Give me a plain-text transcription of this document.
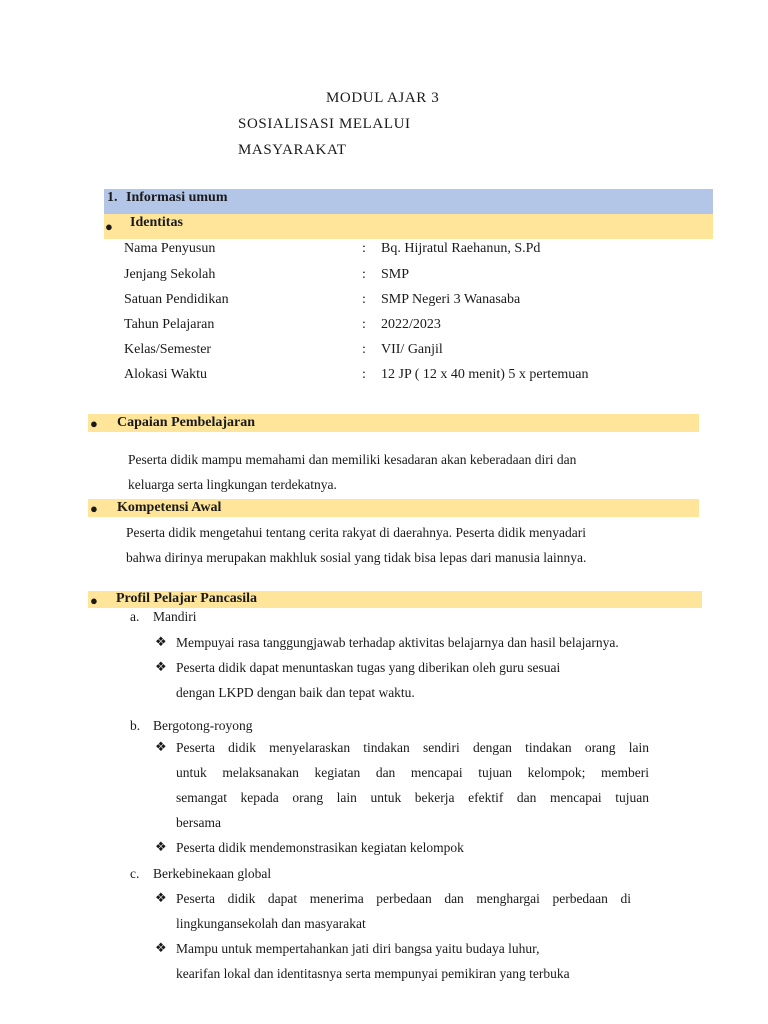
MODUL AJAR 3
SOSIALISASI MELALUI
MASYARAKAT
1. Informasi umum
● Identitas
Nama Penyusun	: Bq. Hijratul Raehanun, S.Pd
Jenjang Sekolah	: SMP
Satuan Pendidikan	: SMP Negeri 3 Wanasaba
Tahun Pelajaran	: 2022/2023
Kelas/Semester	: VII/ Ganjil
Alokasi Waktu	: 12 JP ( 12 x 40 menit) 5 x pertemuan
● Capaian Pembelajaran
Peserta didik mampu memahami dan memiliki kesadaran akan keberadaan diri dan
keluarga serta lingkungan terdekatnya.
● Kompetensi Awal
Peserta didik mengetahui tentang cerita rakyat di daerahnya. Peserta didik menyadari
bahwa dirinya merupakan makhluk sosial yang tidak bisa lepas dari manusia lainnya.
● Profil Pelajar Pancasila
a. Mandiri
❖ Mempuyai rasa tanggungjawab terhadap aktivitas belajarnya dan hasil belajarnya.
❖ Peserta didik dapat menuntaskan tugas yang diberikan oleh guru sesuai
dengan LKPD dengan baik dan tepat waktu.
b. Bergotong-royong
❖ Peserta didik menyelaraskan tindakan sendiri dengan tindakan orang lain
untuk melaksanakan kegiatan dan mencapai tujuan kelompok; memberi
semangat kepada orang lain untuk bekerja efektif dan mencapai tujuan
bersama
❖ Peserta didik mendemonstrasikan kegiatan kelompok
c. Berkebinekaan global
❖ Peserta didik dapat menerima perbedaan dan menghargai perbedaan di
lingkungansekolah dan masyarakat
❖ Mampu untuk mempertahankan jati diri bangsa yaitu budaya luhur,
kearifan lokal dan identitasnya serta mempunyai pemikiran yang terbuka
